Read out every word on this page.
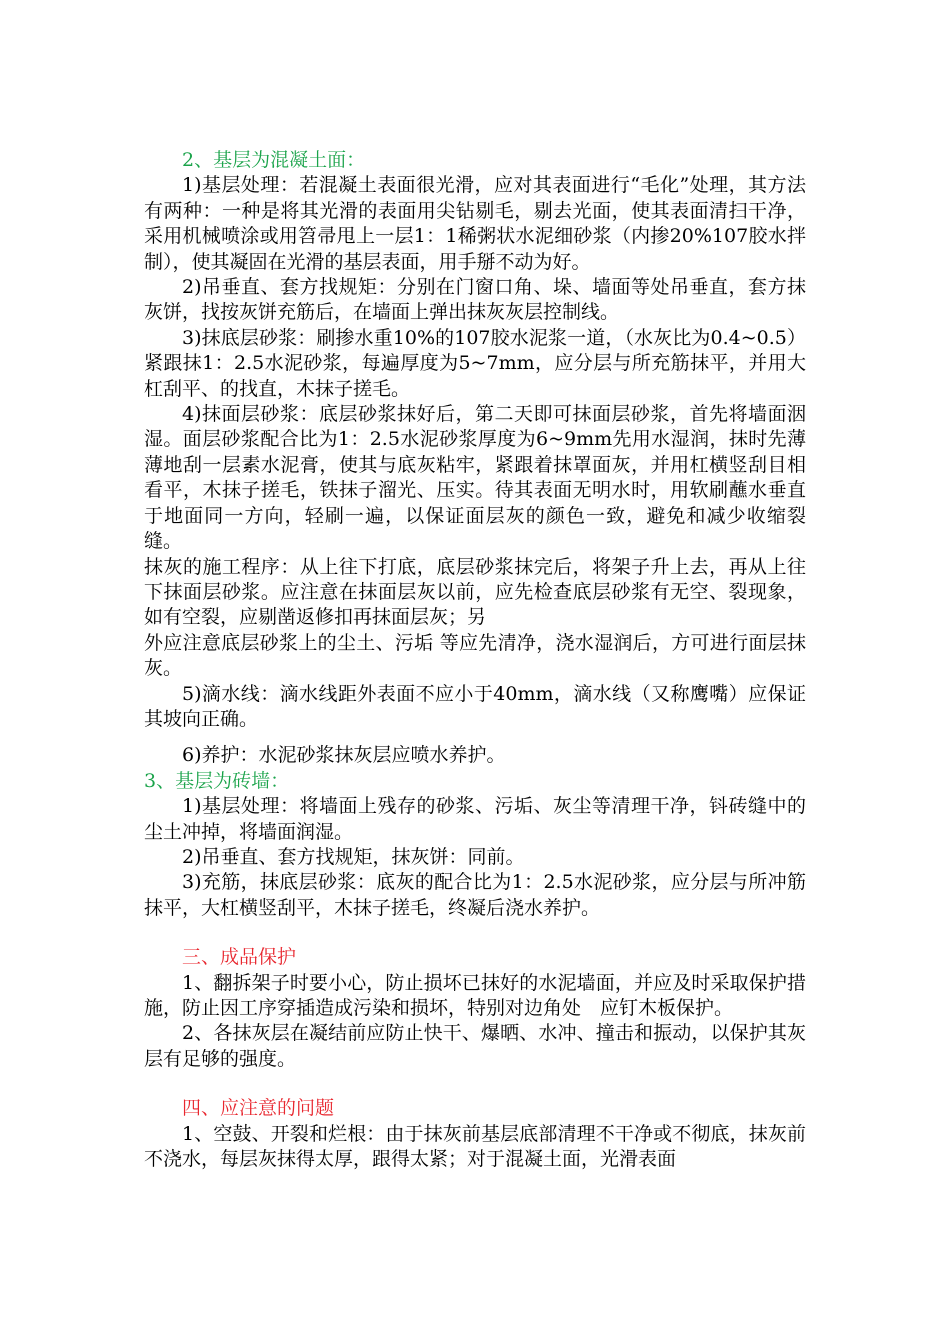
2、基层为混凝土面：

1)基层处理：若混凝土表面很光滑，应对其表面进行“毛化”处理，其方法有两种：一种是将其光滑的表面用尖钻剔毛，剔去光面，使其表面清扫干净，采用机械喷涂或用笤帚甩上一层1：1稀粥状水泥细砂浆（内掺20%107胶水拌制），使其凝固在光滑的基层表面，用手掰不动为好。

2)吊垂直、套方找规矩：分别在门窗口角、垛、墙面等处吊垂直，套方抹灰饼，找按灰饼充筋后，在墙面上弹出抹灰灰层控制线。

3)抹底层砂浆：刷掺水重10%的107胶水泥浆一道，（水灰比为0.4~0.5）紧跟抹1：2.5水泥砂浆，每遍厚度为5~7mm，应分层与所充筋抹平，并用大杠刮平、的找直，木抹子搓毛。

4)抹面层砂浆：底层砂浆抹好后，第二天即可抹面层砂浆，首先将墙面洇湿。面层砂浆配合比为1：2.5水泥砂浆厚度为6~9mm先用水湿润，抹时先薄薄地刮一层素水泥膏，使其与底灰粘牢，紧跟着抹罩面灰，并用杠横竖刮目相看平，木抹子搓毛，铁抹子溜光、压实。待其表面无明水时，用软刷蘸水垂直于地面同一方向，轻刷一遍，以保证面层灰的颜色一致，避免和减少收缩裂缝。

抹灰的施工程序：从上往下打底，底层砂浆抹完后，将架子升上去，再从上往下抹面层砂浆。应注意在抹面层灰以前，应先检查底层砂浆有无空、裂现象，如有空裂，应剔凿返修扣再抹面层灰；另

外应注意底层砂浆上的尘土、污垢 等应先清净，浇水湿润后，方可进行面层抹灰。

5)滴水线：滴水线距外表面不应小于40mm，滴水线（又称鹰嘴）应保证其坡向正确。

6)养护：水泥砂浆抹灰层应喷水养护。

3、基层为砖墙：

1)基层处理：将墙面上残存的砂浆、污垢、灰尘等清理干净，钭砖缝中的尘土冲掉，将墙面润湿。

2)吊垂直、套方找规矩，抹灰饼：同前。

3)充筋，抹底层砂浆：底灰的配合比为1：2.5水泥砂浆，应分层与所冲筋抹平，大杠横竖刮平，木抹子搓毛，终凝后浇水养护。

三、成品保护

1、翻拆架子时要小心，防止损坏已抹好的水泥墙面，并应及时采取保护措施，防止因工序穿插造成污染和损坏，特别对边角处　应钉木板保护。

2、各抹灰层在凝结前应防止快干、爆晒、水冲、撞击和振动，以保护其灰层有足够的强度。

四、应注意的问题

1、空鼓、开裂和烂根：由于抹灰前基层底部清理不干净或不彻底，抹灰前不浇水，每层灰抹得太厚，跟得太紧；对于混凝土面，光滑表面
